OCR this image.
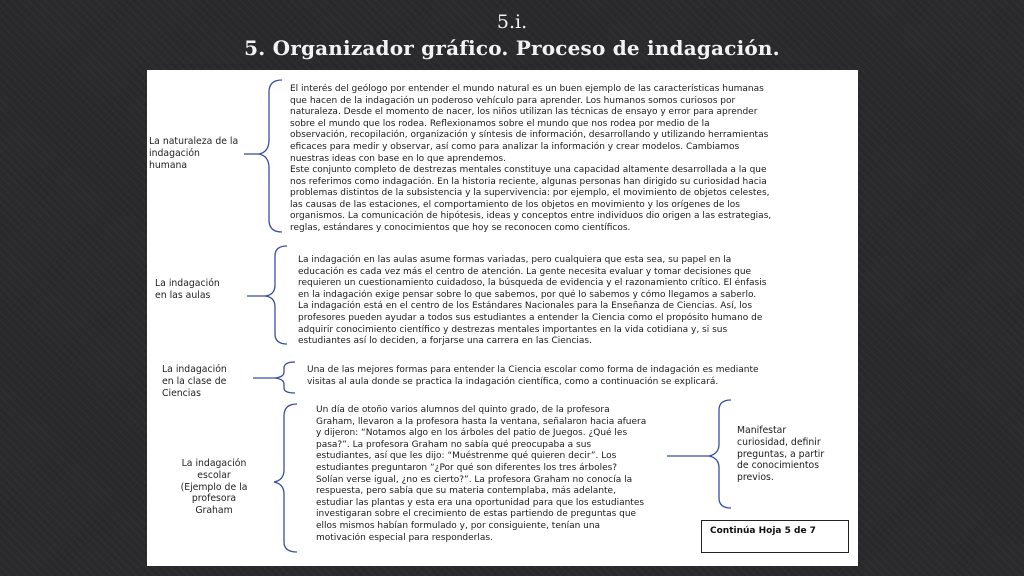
5.i.
5. Organizador gráfico. Proceso de indagación.
La naturaleza de la
indagación
humana
El interés del geólogo por entender el mundo natural es un buen ejemplo de las características humanas
que hacen de la indagación un poderoso vehículo para aprender. Los humanos somos curiosos por
naturaleza. Desde el momento de nacer, los niños utilizan las técnicas de ensayo y error para aprender
sobre el mundo que los rodea. Reflexionamos sobre el mundo que nos rodea por medio de la
observación, recopilación, organización y síntesis de información, desarrollando y utilizando herramientas
eficaces para medir y observar, así como para analizar la información y crear modelos. Cambiamos
nuestras ideas con base en lo que aprendemos.
Este conjunto completo de destrezas mentales constituye una capacidad altamente desarrollada a la que
nos referimos como indagación. En la historia reciente, algunas personas han dirigido su curiosidad hacia
problemas distintos de la subsistencia y la supervivencia: por ejemplo, el movimiento de objetos celestes,
las causas de las estaciones, el comportamiento de los objetos en movimiento y los orígenes de los
organismos. La comunicación de hipótesis, ideas y conceptos entre individuos dio origen a las estrategias,
reglas, estándares y conocimientos que hoy se reconocen como científicos.
La indagación
en las aulas
La indagación en las aulas asume formas variadas, pero cualquiera que esta sea, su papel en la
educación es cada vez más el centro de atención. La gente necesita evaluar y tomar decisiones que
requieren un cuestionamiento cuidadoso, la búsqueda de evidencia y el razonamiento crítico. El énfasis
en la indagación exige pensar sobre lo que sabemos, por qué lo sabemos y cómo llegamos a saberlo.
La indagación está en el centro de los Estándares Nacionales para la Enseñanza de Ciencias. Así, los
profesores pueden ayudar a todos sus estudiantes a entender la Ciencia como el propósito humano de
adquirir conocimiento científico y destrezas mentales importantes en la vida cotidiana y, si sus
estudiantes así lo deciden, a forjarse una carrera en las Ciencias.
La indagación
en la clase de
Ciencias
Una de las mejores formas para entender la Ciencia escolar como forma de indagación es mediante
visitas al aula donde se practica la indagación científica, como a continuación se explicará.
La indagación
escolar
(Ejemplo de la
profesora
Graham
Un día de otoño varios alumnos del quinto grado, de la profesora
Graham, llevaron a la profesora hasta la ventana, señalaron hacia afuera
y dijeron: “Notamos algo en los árboles del patio de Juegos. ¿Qué les
pasa?”. La profesora Graham no sabía qué preocupaba a sus
estudiantes, así que les dijo: “Muéstrenme qué quieren decir”. Los
estudiantes preguntaron “¿Por qué son diferentes los tres árboles?
Solían verse igual, ¿no es cierto?”. La profesora Graham no conocía la
respuesta, pero sabía que su materia contemplaba, más adelante,
estudiar las plantas y esta era una oportunidad para que los estudiantes
investigaran sobre el crecimiento de estas partiendo de preguntas que
ellos mismos habían formulado y, por consiguiente, tenían una
motivación especial para responderlas.
Manifestar
curiosidad, definir
preguntas, a partir
de conocimientos
previos.
Continúa Hoja 5 de 7
